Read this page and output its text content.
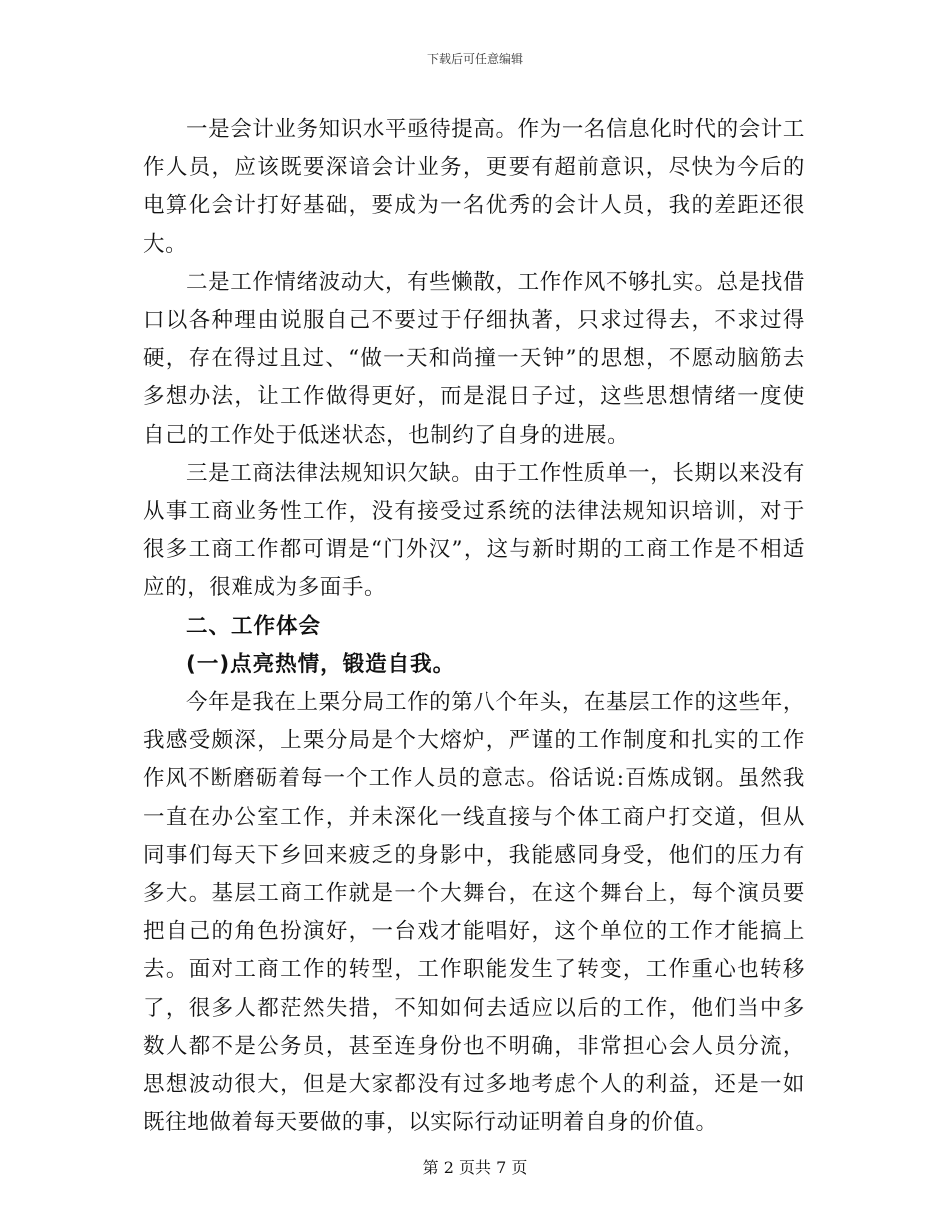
下载后可任意编辑

一是会计业务知识水平亟待提高。作为一名信息化时代的会计工作人员，应该既要深谙会计业务，更要有超前意识，尽快为今后的电算化会计打好基础，要成为一名优秀的会计人员，我的差距还很大。

二是工作情绪波动大，有些懒散，工作作风不够扎实。总是找借口以各种理由说服自己不要过于仔细执著，只求过得去，不求过得硬，存在得过且过、“做一天和尚撞一天钟”的思想，不愿动脑筋去多想办法，让工作做得更好，而是混日子过，这些思想情绪一度使自己的工作处于低迷状态，也制约了自身的进展。

三是工商法律法规知识欠缺。由于工作性质单一，长期以来没有从事工商业务性工作，没有接受过系统的法律法规知识培训，对于很多工商工作都可谓是“门外汉”，这与新时期的工商工作是不相适应的，很难成为多面手。

二、工作体会

(一)点亮热情，锻造自我。

今年是我在上栗分局工作的第八个年头，在基层工作的这些年，我感受颇深，上栗分局是个大熔炉，严谨的工作制度和扎实的工作作风不断磨砺着每一个工作人员的意志。俗话说:百炼成钢。虽然我一直在办公室工作，并未深化一线直接与个体工商户打交道，但从同事们每天下乡回来疲乏的身影中，我能感同身受，他们的压力有多大。基层工商工作就是一个大舞台，在这个舞台上，每个演员要把自己的角色扮演好，一台戏才能唱好，这个单位的工作才能搞上去。面对工商工作的转型，工作职能发生了转变，工作重心也转移了，很多人都茫然失措，不知如何去适应以后的工作，他们当中多数人都不是公务员，甚至连身份也不明确，非常担心会人员分流，思想波动很大，但是大家都没有过多地考虑个人的利益，还是一如既往地做着每天要做的事，以实际行动证明着自身的价值。

第 2 页共 7 页
